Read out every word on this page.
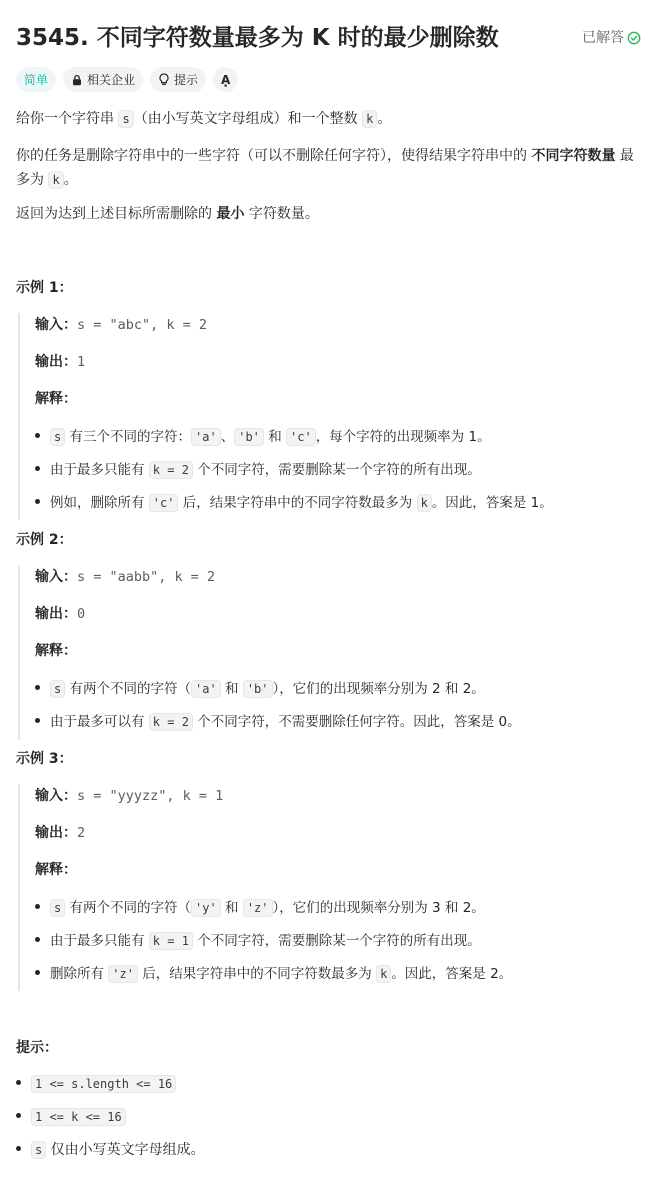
3545. 不同字符数量最多为 K 时的最少删除数	已解答
简单	相关企业	提示 A͓
给你一个字符串 s （由小写英文字母组成）和一个整数 k 。
你的任务是删除字符串中的一些字符（可以不删除任何字符），使得结果字符串中的 不同字符数量 最
多为 k 。
返回为达到上述目标所需删除的 最小 字符数量。
示例 1：
输入：s = "abc", k = 2
输出：1
解释：
s 有三个不同的字符： 'a' 、 'b' 和 'c' ，每个字符的出现频率为 1。
由于最多只能有 k = 2 个不同字符，需要删除某一个字符的所有出现。
例如，删除所有 'c' 后，结果字符串中的不同字符数最多为 k 。因此，答案是 1。
示例 2：
输入：s = "aabb", k = 2
输出：0
解释：
s 有两个不同的字符（ 'a' 和 'b' ），它们的出现频率分别为 2 和 2。
由于最多可以有 k = 2 个不同字符，不需要删除任何字符。因此，答案是 0。
示例 3：
输入：s = "yyyzz", k = 1
输出：2
解释：
s 有两个不同的字符（ 'y' 和 'z' ），它们的出现频率分别为 3 和 2。
由于最多只能有 k = 1 个不同字符，需要删除某一个字符的所有出现。
删除所有 'z' 后，结果字符串中的不同字符数最多为 k 。因此，答案是 2。
提示：
1 <= s.length <= 16
1 <= k <= 16
s 仅由小写英文字母组成。
